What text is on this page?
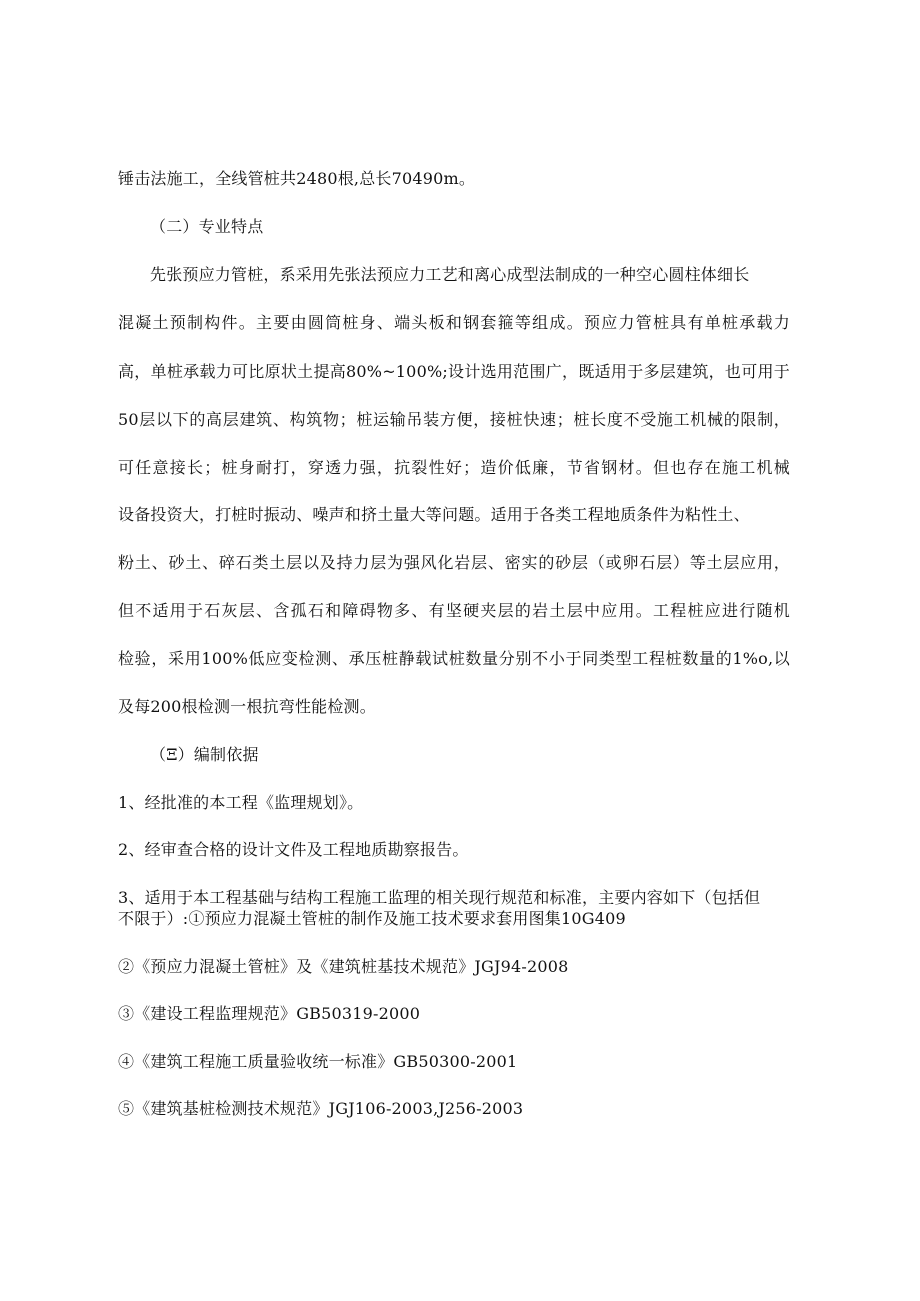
锤击法施工，全线管桩共2480根,总长70490m。
（二）专业特点
先张预应力管桩，系采用先张法预应力工艺和离心成型法制成的一种空心圆柱体细长
混凝土预制构件。主要由圆筒桩身、端头板和钢套箍等组成。预应力管桩具有单桩承载力
高，单桩承载力可比原状土提高80%~100%;设计选用范围广，既适用于多层建筑，也可用于
50层以下的高层建筑、构筑物；桩运输吊装方便，接桩快速；桩长度不受施工机械的限制，
可任意接长；桩身耐打，穿透力强，抗裂性好；造价低廉，节省钢材。但也存在施工机械
设备投资大，打桩时振动、噪声和挤土量大等问题。适用于各类工程地质条件为粘性土、
粉土、砂土、碎石类土层以及持力层为强风化岩层、密实的砂层（或卵石层）等土层应用，
但不适用于石灰层、含孤石和障碍物多、有坚硬夹层的岩土层中应用。工程桩应进行随机
检验，采用100%低应变检测、承压桩静载试桩数量分别不小于同类型工程桩数量的1%o,以
及每200根检测一根抗弯性能检测。
（Ξ）编制依据
1、经批准的本工程《监理规划》。
2、经审查合格的设计文件及工程地质勘察报告。
3、适用于本工程基础与结构工程施工监理的相关现行规范和标准，主要内容如下（包括但
不限于）:①预应力混凝土管桩的制作及施工技术要求套用图集10G409
②《预应力混凝土管桩》及《建筑桩基技术规范》JGJ94-2008
③《建设工程监理规范》GB50319-2000
④《建筑工程施工质量验收统一标准》GB50300-2001
⑤《建筑基桩检测技术规范》JGJ106-2003,J256-2003
